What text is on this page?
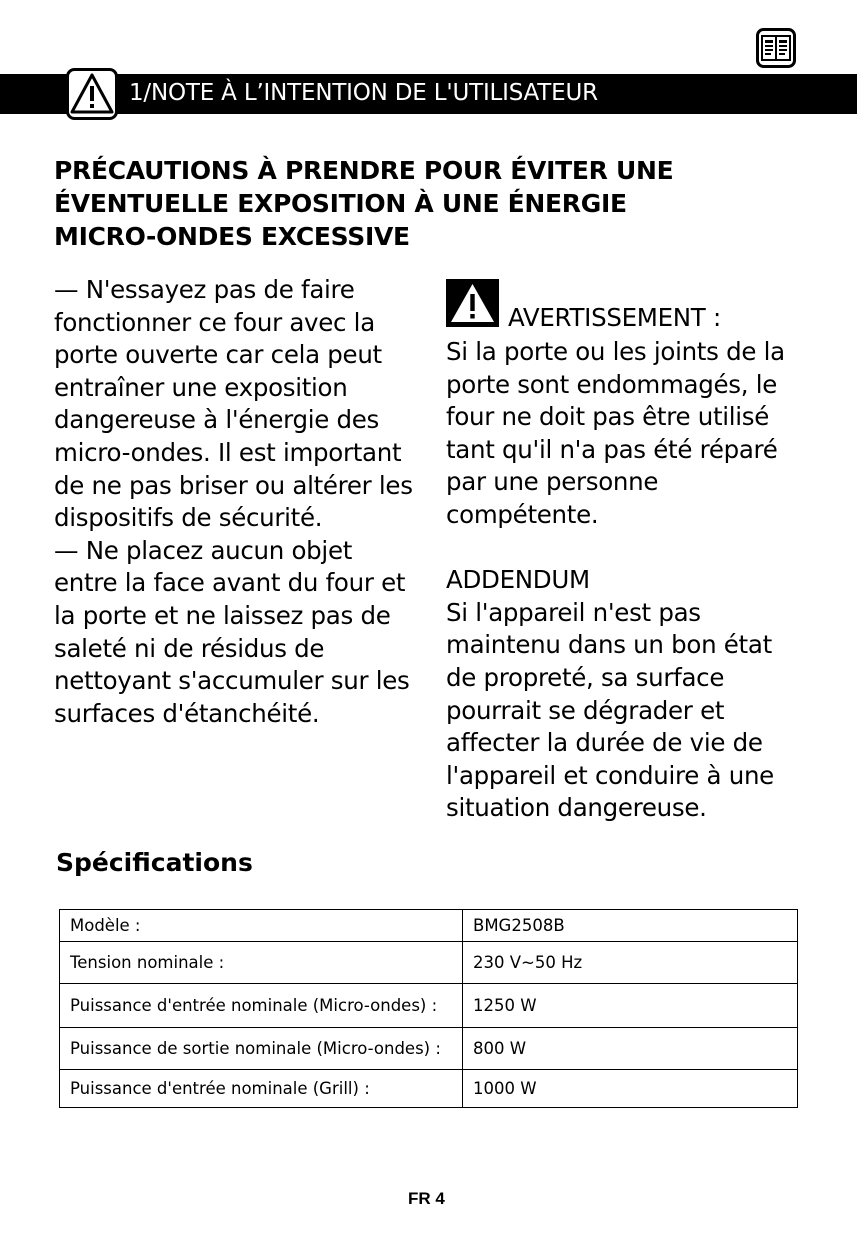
1/NOTE À L’INTENTION DE L'UTILISATEUR
PRÉCAUTIONS À PRENDRE POUR ÉVITER UNE
ÉVENTUELLE EXPOSITION À UNE ÉNERGIE
MICRO-ONDES EXCESSIVE
— N'essayez pas de faire
fonctionner ce four avec la
porte ouverte car cela peut
entraîner une exposition
dangereuse à l'énergie des
micro-ondes. Il est important
de ne pas briser ou altérer les
dispositifs de sécurité.
— Ne placez aucun objet
entre la face avant du four et
la porte et ne laissez pas de
saleté ni de résidus de
nettoyant s'accumuler sur les
surfaces d'étanchéité.
AVERTISSEMENT :
Si la porte ou les joints de la
porte sont endommagés, le
four ne doit pas être utilisé
tant qu'il n'a pas été réparé
par une personne
compétente.
ADDENDUM
Si l'appareil n'est pas
maintenu dans un bon état
de propreté, sa surface
pourrait se dégrader et
affecter la durée de vie de
l'appareil et conduire à une
situation dangereuse.
Spécifications
Modèle :	BMG2508B
Tension nominale :	230 V~50 Hz
Puissance d'entrée nominale (Micro-ondes) :	1250 W
Puissance de sortie nominale (Micro-ondes) :	800 W
Puissance d'entrée nominale (Grill) :	1000 W
FR 4
